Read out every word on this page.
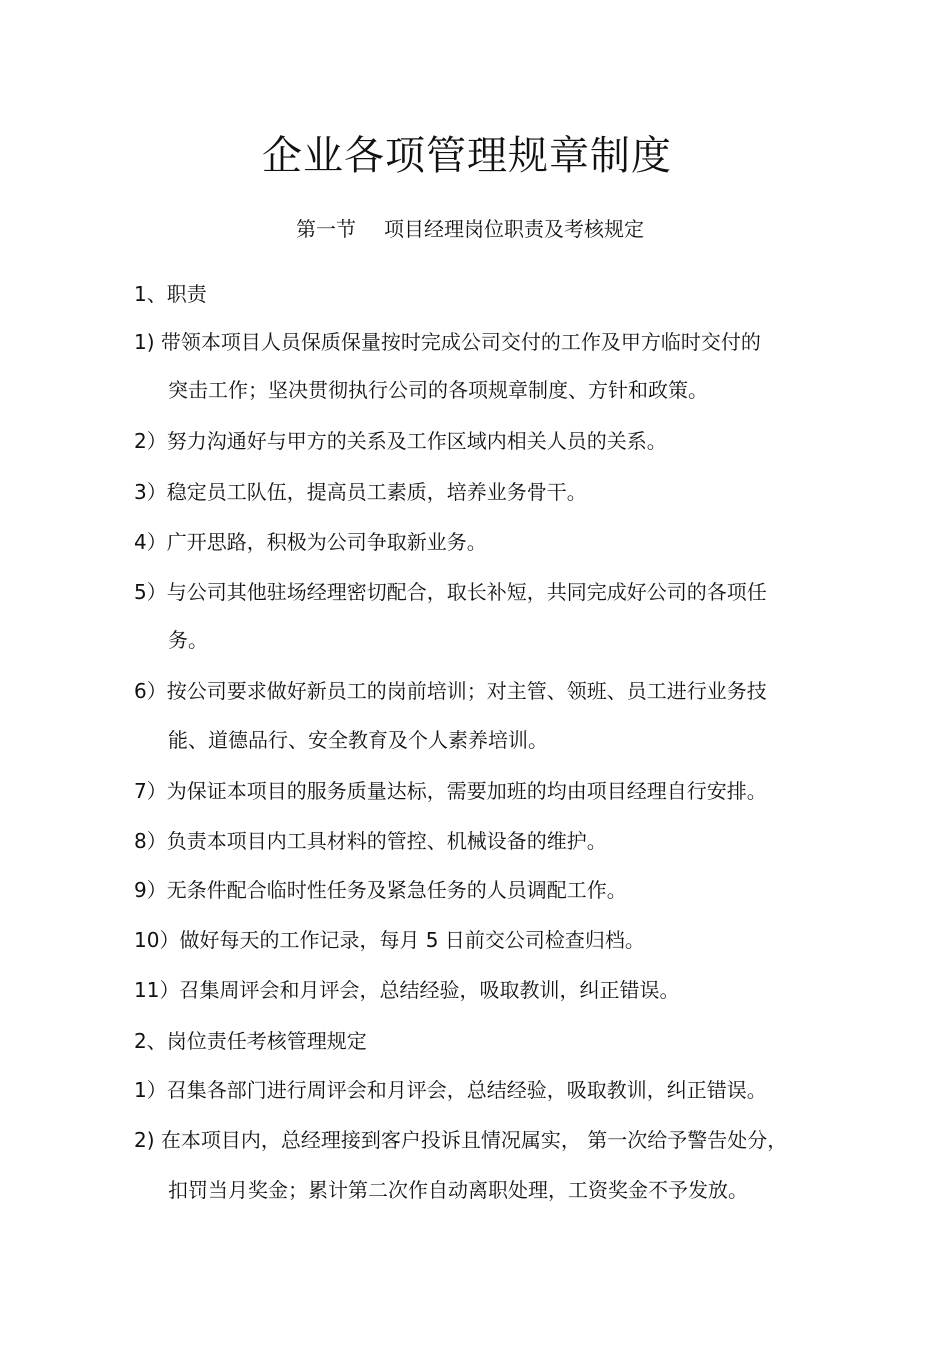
企业各项管理规章制度
第一节 项目经理岗位职责及考核规定
1、职责
1) 带领本项目人员保质保量按时完成公司交付的工作及甲方临时交付的
突击工作；坚决贯彻执行公司的各项规章制度、方针和政策。
2）努力沟通好与甲方的关系及工作区域内相关人员的关系。
3）稳定员工队伍，提高员工素质，培养业务骨干。
4）广开思路，积极为公司争取新业务。
5）与公司其他驻场经理密切配合，取长补短，共同完成好公司的各项任
务。
6）按公司要求做好新员工的岗前培训；对主管、领班、员工进行业务技
能、道德品行、安全教育及个人素养培训。
7）为保证本项目的服务质量达标，需要加班的均由项目经理自行安排。
8）负责本项目内工具材料的管控、机械设备的维护。
9）无条件配合临时性任务及紧急任务的人员调配工作。
10）做好每天的工作记录，每月 5 日前交公司检查归档。
11）召集周评会和月评会，总结经验，吸取教训，纠正错误。
2、岗位责任考核管理规定
1）召集各部门进行周评会和月评会，总结经验，吸取教训，纠正错误。
2) 在本项目内，总经理接到客户投诉且情况属实， 第一次给予警告处分，
扣罚当月奖金；累计第二次作自动离职处理，工资奖金不予发放。
